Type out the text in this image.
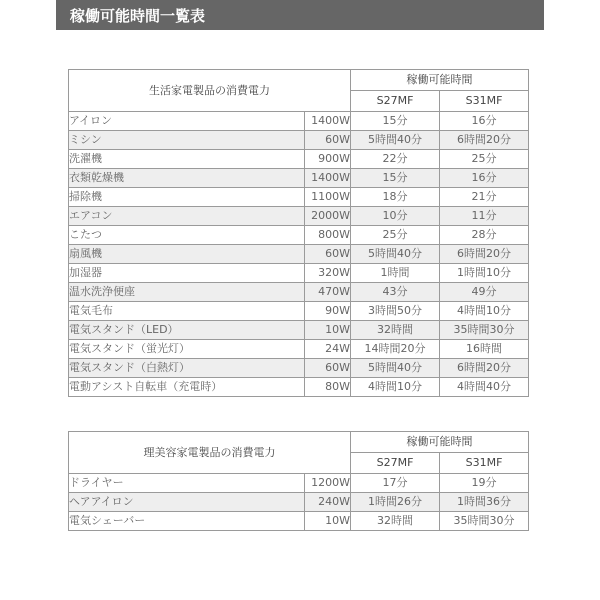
稼働可能時間一覧表
生活家電製品の消費電力		稼働可能時間	
		S27MF	S31MF
アイロン	1400W	15分	16分
ミシン	60W	5時間40分	6時間20分
洗濯機	900W	22分	25分
衣類乾燥機	1400W	15分	16分
掃除機	1100W	18分	21分
エアコン	2000W	10分	11分
こたつ	800W	25分	28分
扇風機	60W	5時間40分	6時間20分
加湿器	320W	1時間	1時間10分
温水洗浄便座	470W	43分	49分
電気毛布	90W	3時間50分	4時間10分
電気スタンド（LED）	10W	32時間	35時間30分
電気スタンド（蛍光灯）	24W	14時間20分	16時間
電気スタンド（白熱灯）	60W	5時間40分	6時間20分
電動アシスト自転車（充電時）	80W	4時間10分	4時間40分
理美容家電製品の消費電力		稼働可能時間	
		S27MF	S31MF
ドライヤー	1200W	17分	19分
ヘアアイロン	240W	1時間26分	1時間36分
電気シェーバー	10W	32時間	35時間30分
